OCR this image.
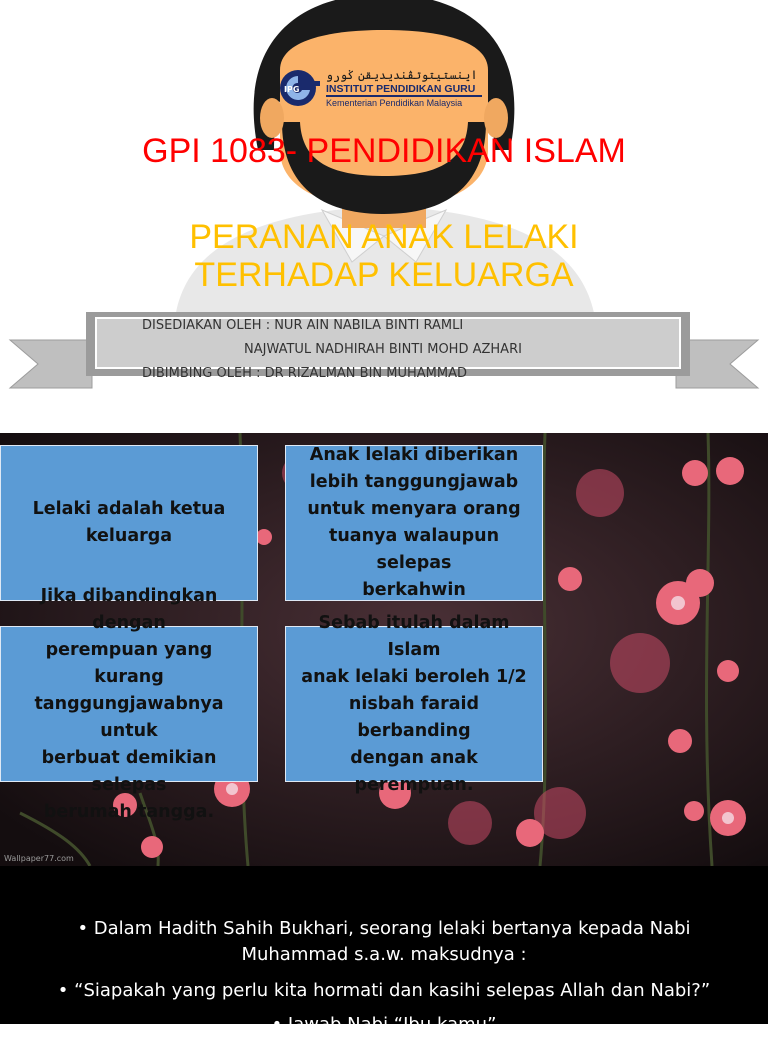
IPG
اينستيتوتڤنديديقن ݢورو
INSTITUT PENDIDIKAN GURU
Kementerian Pendidikan Malaysia
GPI 1083- PENDIDIKAN ISLAM
PERANAN ANAK LELAKI
TERHADAP KELUARGA
DISEDIAKAN OLEH : NUR AIN NABILA BINTI RAMLI
NAJWATUL NADHIRAH BINTI MOHD AZHARI
DIBIMBING OLEH : DR RIZALMAN BIN MUHAMMAD
Lelaki adalah ketua
keluarga
Anak lelaki diberikan
lebih tanggungjawab
untuk menyara orang
tuanya walaupun selepas
berkahwin
Jika dibandingkan dengan
perempuan yang kurang
tanggungjawabnya untuk
berbuat demikian selepas
berumah tangga.
Sebab itulah dalam Islam
anak lelaki beroleh 1/2
nisbah faraid berbanding
dengan anak perempuan.
Wallpaper77.com
• Dalam Hadith Sahih Bukhari, seorang lelaki bertanya kepada Nabi
Muhammad s.a.w. maksudnya :
• “Siapakah yang perlu kita hormati dan kasihi selepas Allah dan Nabi?”
• Jawab Nabi “Ibu kamu”
